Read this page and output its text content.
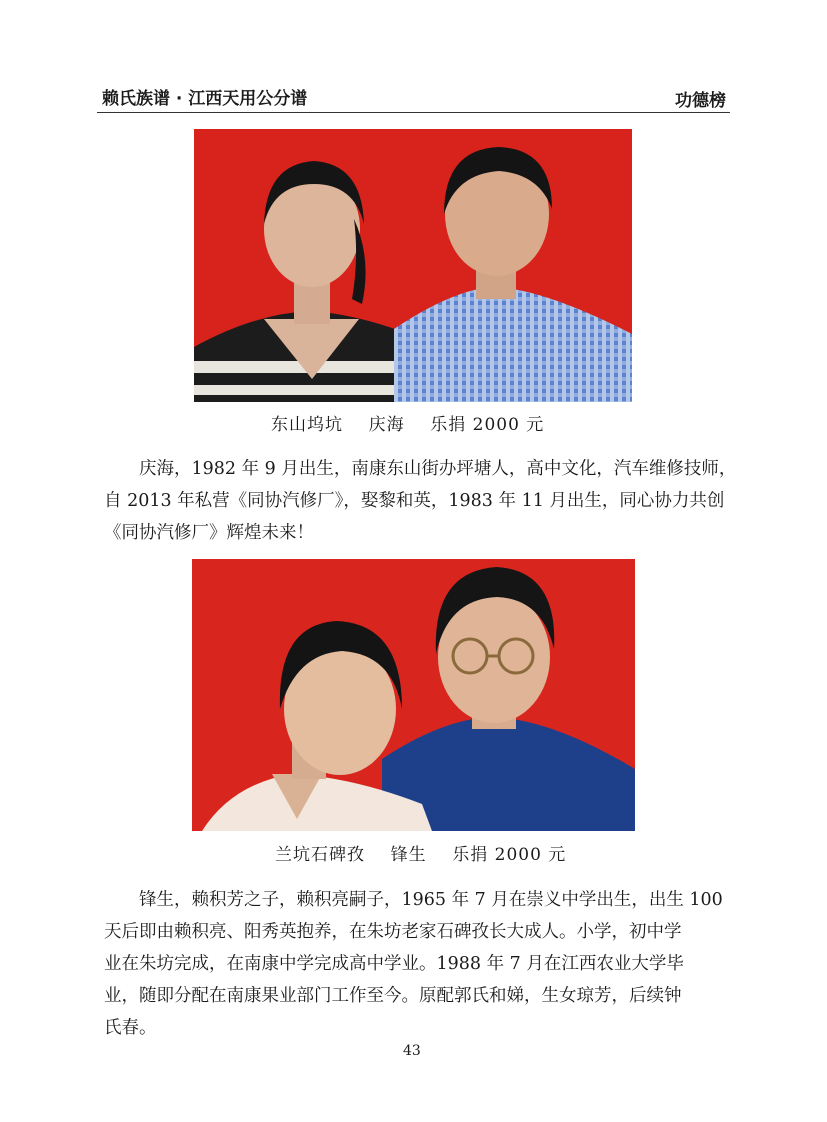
赖氏族谱 · 江西天用公分谱	功德榜
东山坞坑    庆海    乐捐 2000 元
庆海，1982 年 9 月出生，南康东山街办坪塘人，高中文化，汽车维修技师，
自 2013 年私营《同协汽修厂》，娶黎和英，1983 年 11 月出生，同心协力共创
《同协汽修厂》辉煌未来！
兰坑石碑孜    锋生    乐捐 2000 元
锋生，赖积芳之子，赖积亮嗣子，1965 年 7 月在崇义中学出生，出生 100
天后即由赖积亮、阳秀英抱养，在朱坊老家石碑孜长大成人。小学，初中学
业在朱坊完成，在南康中学完成高中学业。1988 年 7 月在江西农业大学毕
业，随即分配在南康果业部门工作至今。原配郭氏和娣，生女琼芳，后续钟
氏春。
43
